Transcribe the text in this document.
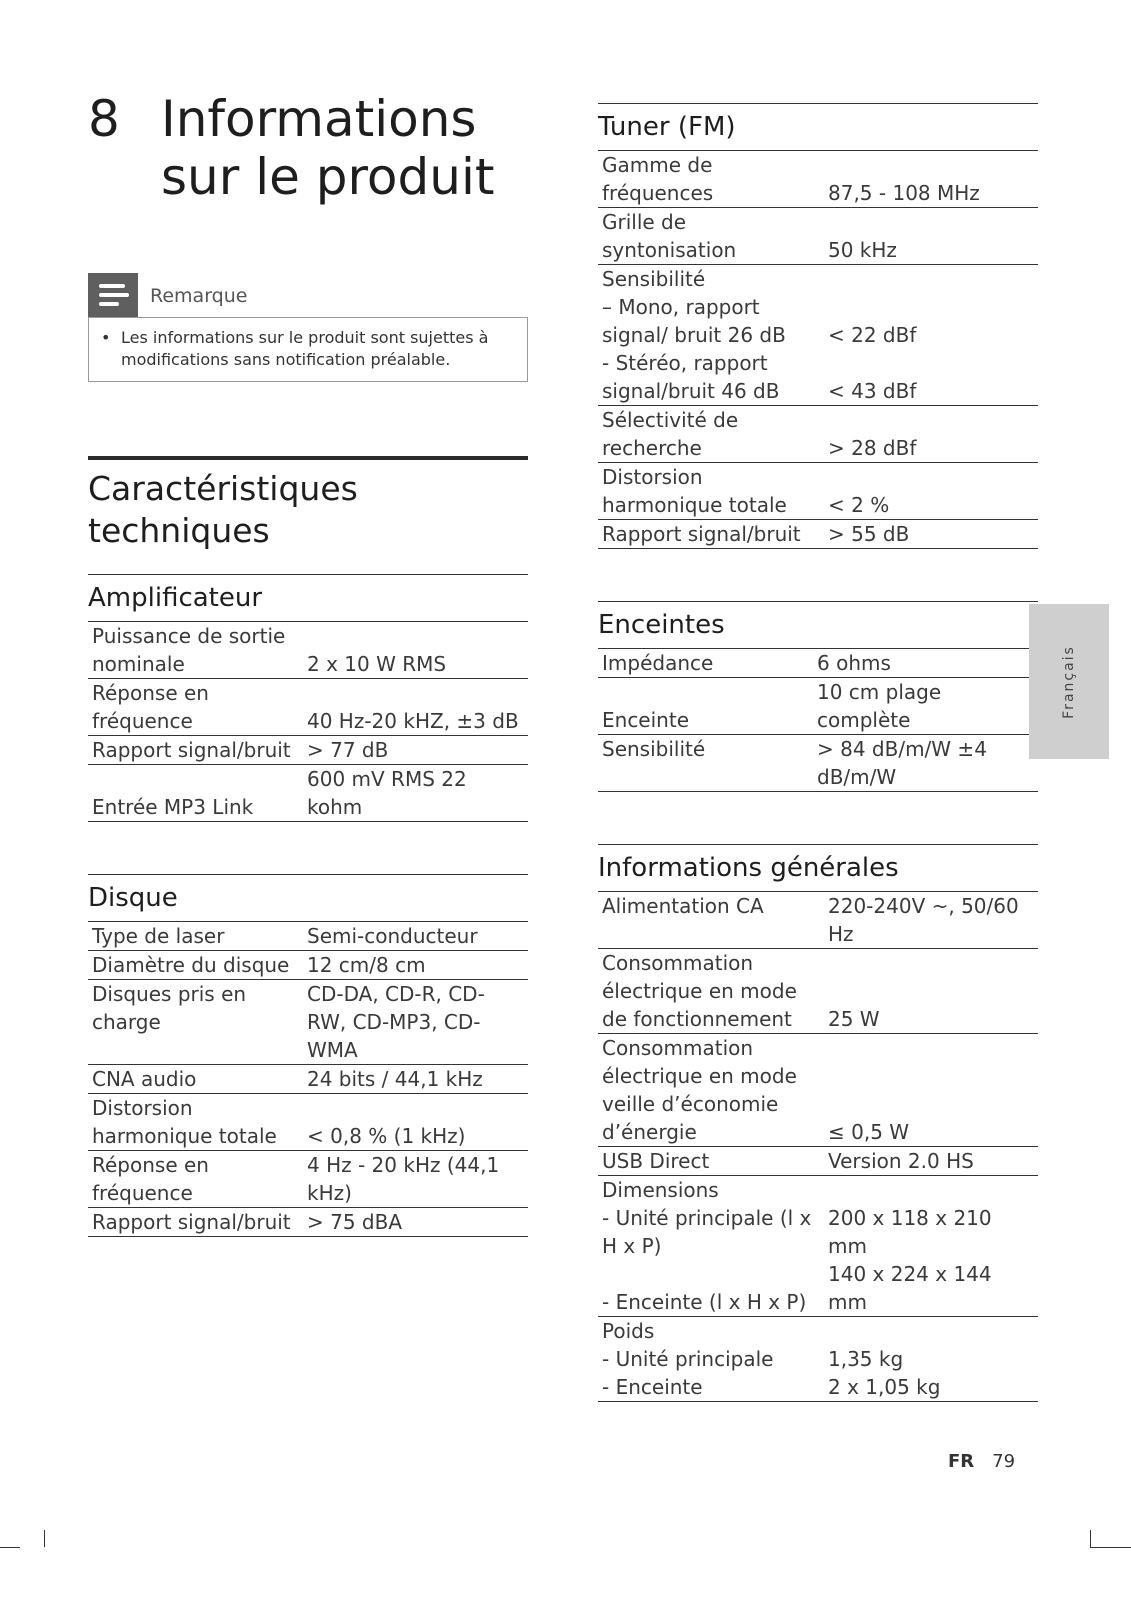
8 Informations sur le produit
Remarque
• Les informations sur le produit sont sujettes à modifications sans notification préalable.
Caractéristiques techniques
Amplificateur
Puissance de sortie nominale	2 x 10 W RMS
Réponse en fréquence	40 Hz-20 kHZ, ±3 dB
Rapport signal/bruit	> 77 dB
Entrée MP3 Link	600 mV RMS 22 kohm
Disque
Type de laser	Semi-conducteur
Diamètre du disque	12 cm/8 cm
Disques pris en charge	CD-DA, CD-R, CD-RW, CD-MP3, CD-WMA
CNA audio	24 bits / 44,1 kHz
Distorsion harmonique totale	< 0,8 % (1 kHz)
Réponse en fréquence	4 Hz - 20 kHz (44,1 kHz)
Rapport signal/bruit	> 75 dBA
Tuner (FM)
Gamme de fréquences	87,5 - 108 MHz
Grille de syntonisation	50 kHz
Sensibilité	
– Mono, rapport signal/ bruit 26 dB	< 22 dBf
- Stéréo, rapport signal/bruit 46 dB	< 43 dBf
Sélectivité de recherche	> 28 dBf
Distorsion harmonique totale	< 2 %
Rapport signal/bruit	> 55 dB
Enceintes
Impédance	6 ohms
Enceinte	10 cm plage complète
Sensibilité	> 84 dB/m/W ±4 dB/m/W
Informations générales
Alimentation CA	220-240V ~, 50/60 Hz
Consommation électrique en mode de fonctionnement	25 W
Consommation électrique en mode veille d’économie d’énergie	≤ 0,5 W
USB Direct	Version 2.0 HS
Dimensions	
- Unité principale (l x H x P)	200 x 118 x 210 mm
- Enceinte (l x H x P)	140 x 224 x 144 mm
Poids	
- Unité principale	1,35 kg
- Enceinte	2 x 1,05 kg
Français
FR 79
